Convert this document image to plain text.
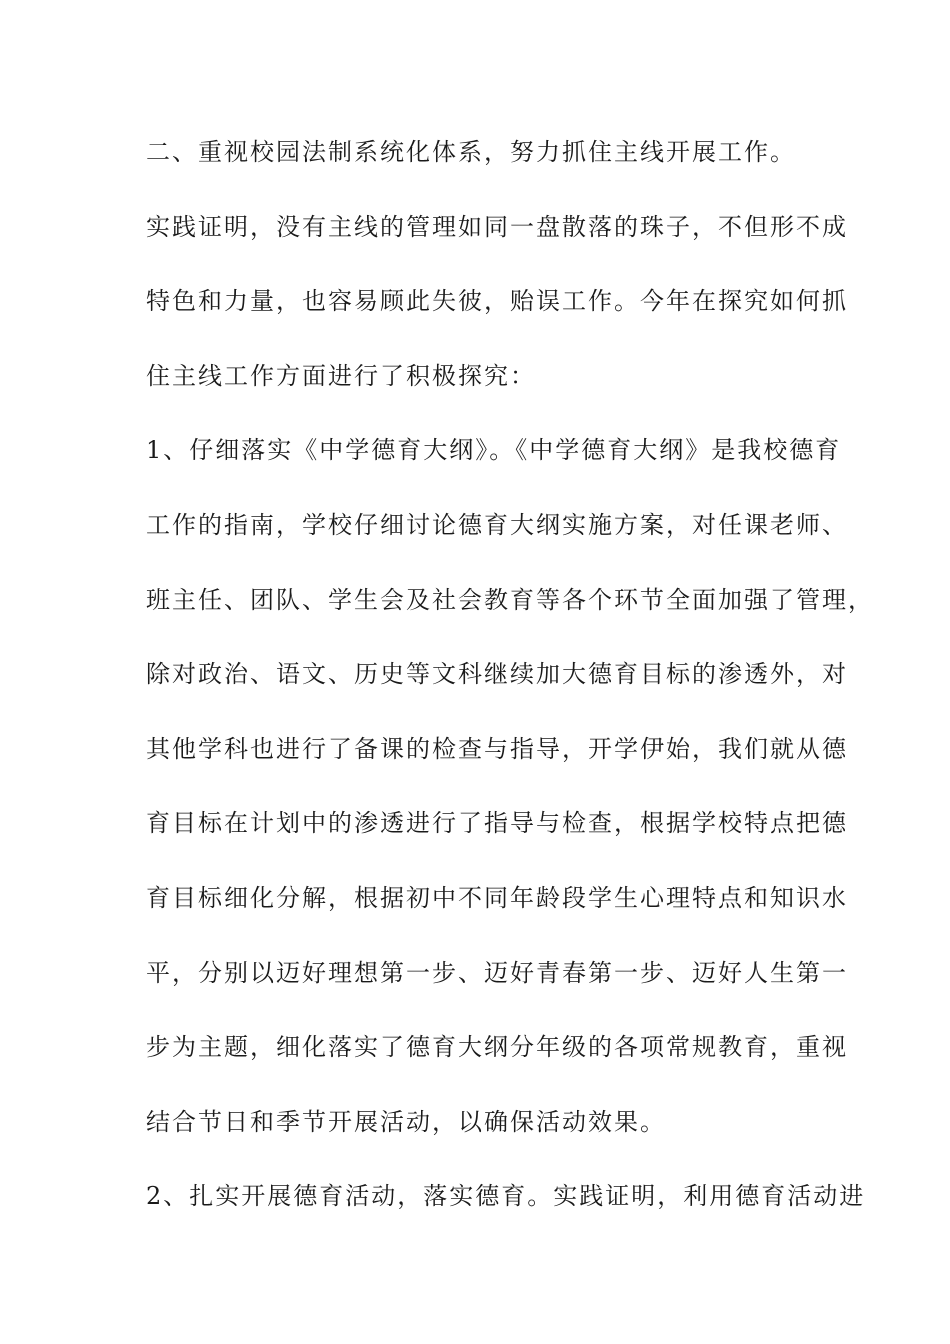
二、重视校园法制系统化体系，努力抓住主线开展工作。
实践证明，没有主线的管理如同一盘散落的珠子，不但形不成
特色和力量，也容易顾此失彼，贻误工作。今年在探究如何抓
住主线工作方面进行了积极探究：
1、仔细落实《中学德育大纲》。《中学德育大纲》是我校德育
工作的指南，学校仔细讨论德育大纲实施方案，对任课老师、
班主任、团队、学生会及社会教育等各个环节全面加强了管理，
除对政治、语文、历史等文科继续加大德育目标的渗透外，对
其他学科也进行了备课的检查与指导，开学伊始，我们就从德
育目标在计划中的渗透进行了指导与检查，根据学校特点把德
育目标细化分解，根据初中不同年龄段学生心理特点和知识水
平，分别以迈好理想第一步、迈好青春第一步、迈好人生第一
步为主题，细化落实了德育大纲分年级的各项常规教育，重视
结合节日和季节开展活动，以确保活动效果。
2、扎实开展德育活动，落实德育。实践证明，利用德育活动进
